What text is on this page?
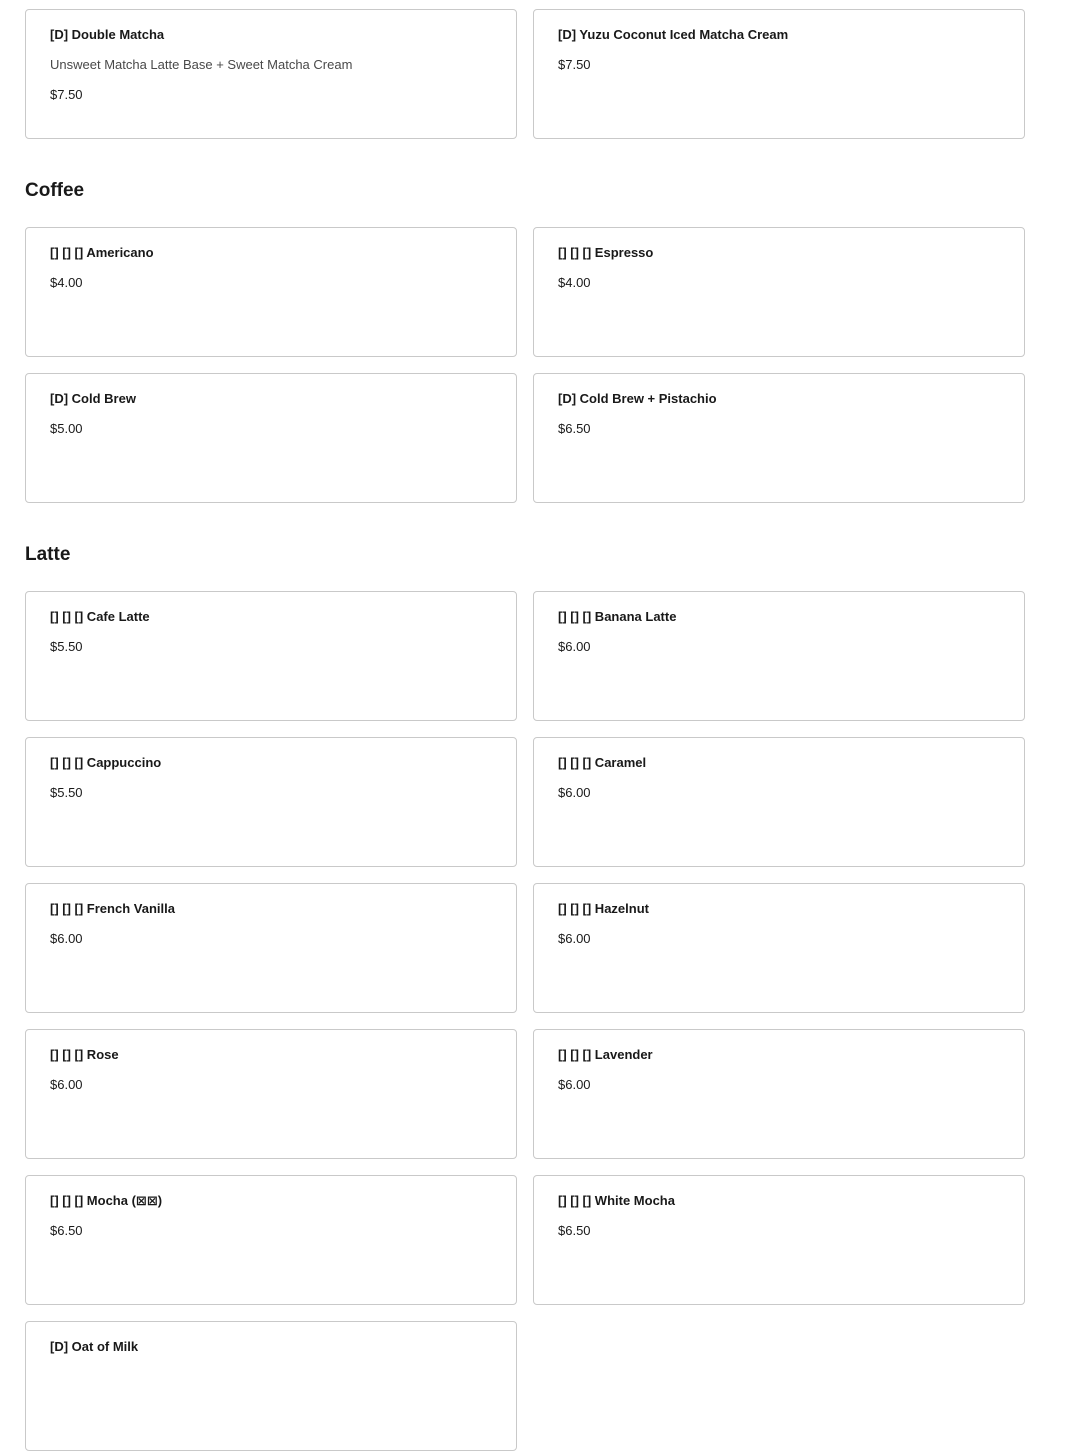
[D] Double Matcha
Unsweet Matcha Latte Base + Sweet Matcha Cream
$7.50
[D] Yuzu Coconut Iced Matcha Cream
$7.50
Coffee
[] [] [] Americano
$4.00
[] [] [] Espresso
$4.00
[D] Cold Brew
$5.00
[D] Cold Brew + Pistachio
$6.50
Latte
[] [] [] Cafe Latte
$5.50
[] [] [] Banana Latte
$6.00
[] [] [] Cappuccino
$5.50
[] [] [] Caramel
$6.00
[] [] [] French Vanilla
$6.00
[] [] [] Hazelnut
$6.00
[] [] [] Rose
$6.00
[] [] [] Lavender
$6.00
[] [] [] Mocha (⊠⊠)
$6.50
[] [] [] White Mocha
$6.50
[D] Oat of Milk
